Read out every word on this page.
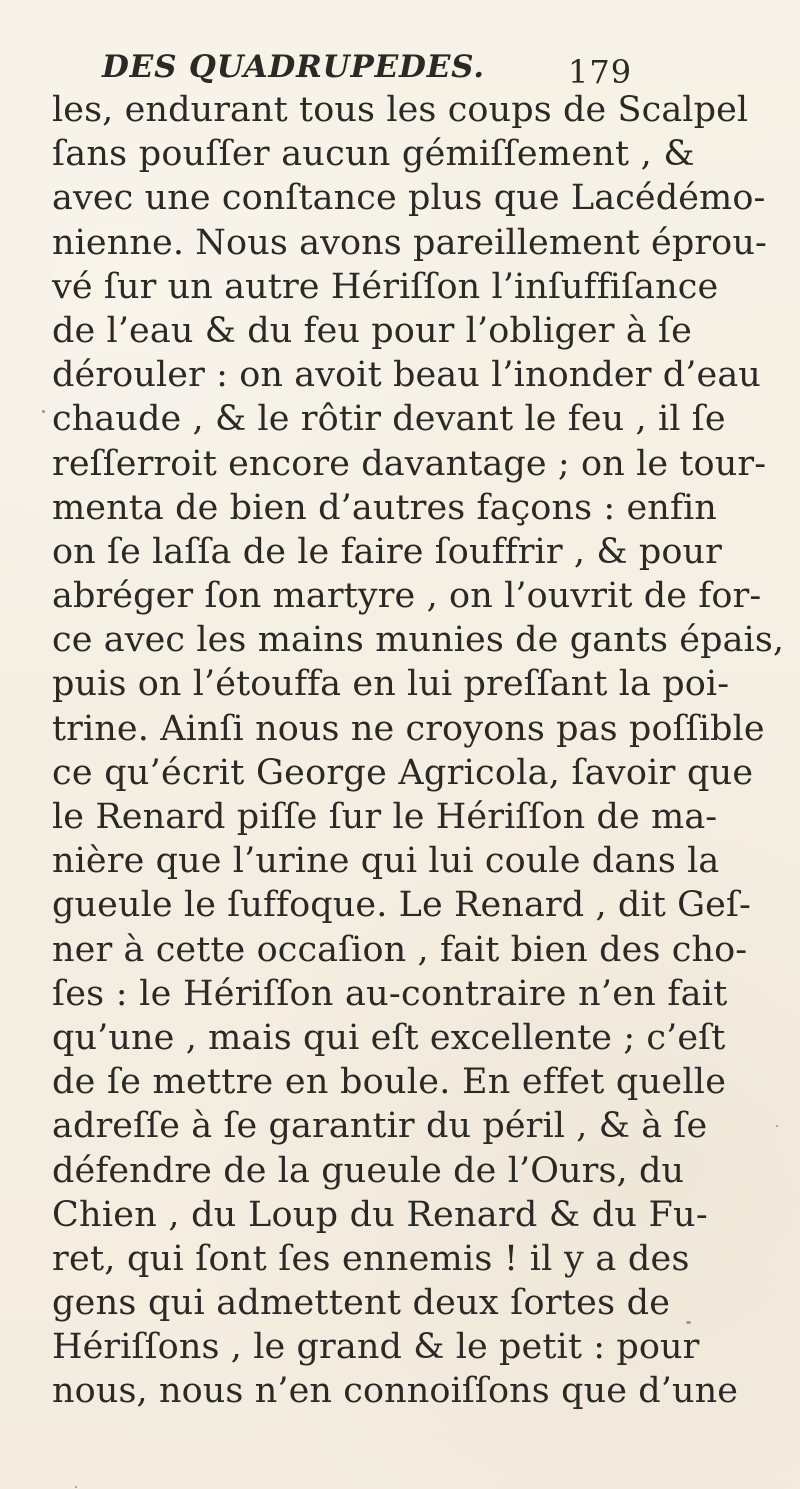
DES QUADRUPEDES.	179
les, endurant tous les coups de Scalpel
ſans pouſſer aucun gémiſſement , &
avec une conſtance plus que Lacédémo-
nienne. Nous avons pareillement éprou-
vé ſur un autre Hériſſon l’inſuffiſance
de l’eau & du feu pour l’obliger à ſe
dérouler : on avoit beau l’inonder d’eau
chaude , & le rôtir devant le feu , il ſe
reſſerroit encore davantage ; on le tour-
menta de bien d’autres façons : enfin
on ſe laſſa de le faire ſouffrir , & pour
abréger ſon martyre , on l’ouvrit de for-
ce avec les mains munies de gants épais,
puis on l’étouffa en lui preſſant la poi-
trine. Ainſi nous ne croyons pas poſſible
ce qu’écrit George Agricola, ſavoir que
le Renard piſſe ſur le Hériſſon de ma-
nière que l’urine qui lui coule dans la
gueule le ſuffoque. Le Renard , dit Geſ-
ner à cette occaſion , fait bien des cho-
ſes : le Hériſſon au-contraire n’en fait
qu’une , mais qui eſt excellente ; c’eſt
de ſe mettre en boule. En effet quelle
adreſſe à ſe garantir du péril , & à ſe
défendre de la gueule de l’Ours, du
Chien , du Loup du Renard & du Fu-
ret, qui ſont ſes ennemis ! il y a des
gens qui admettent deux ſortes de
Hériſſons , le grand & le petit : pour
nous, nous n’en connoiſſons que d’une
